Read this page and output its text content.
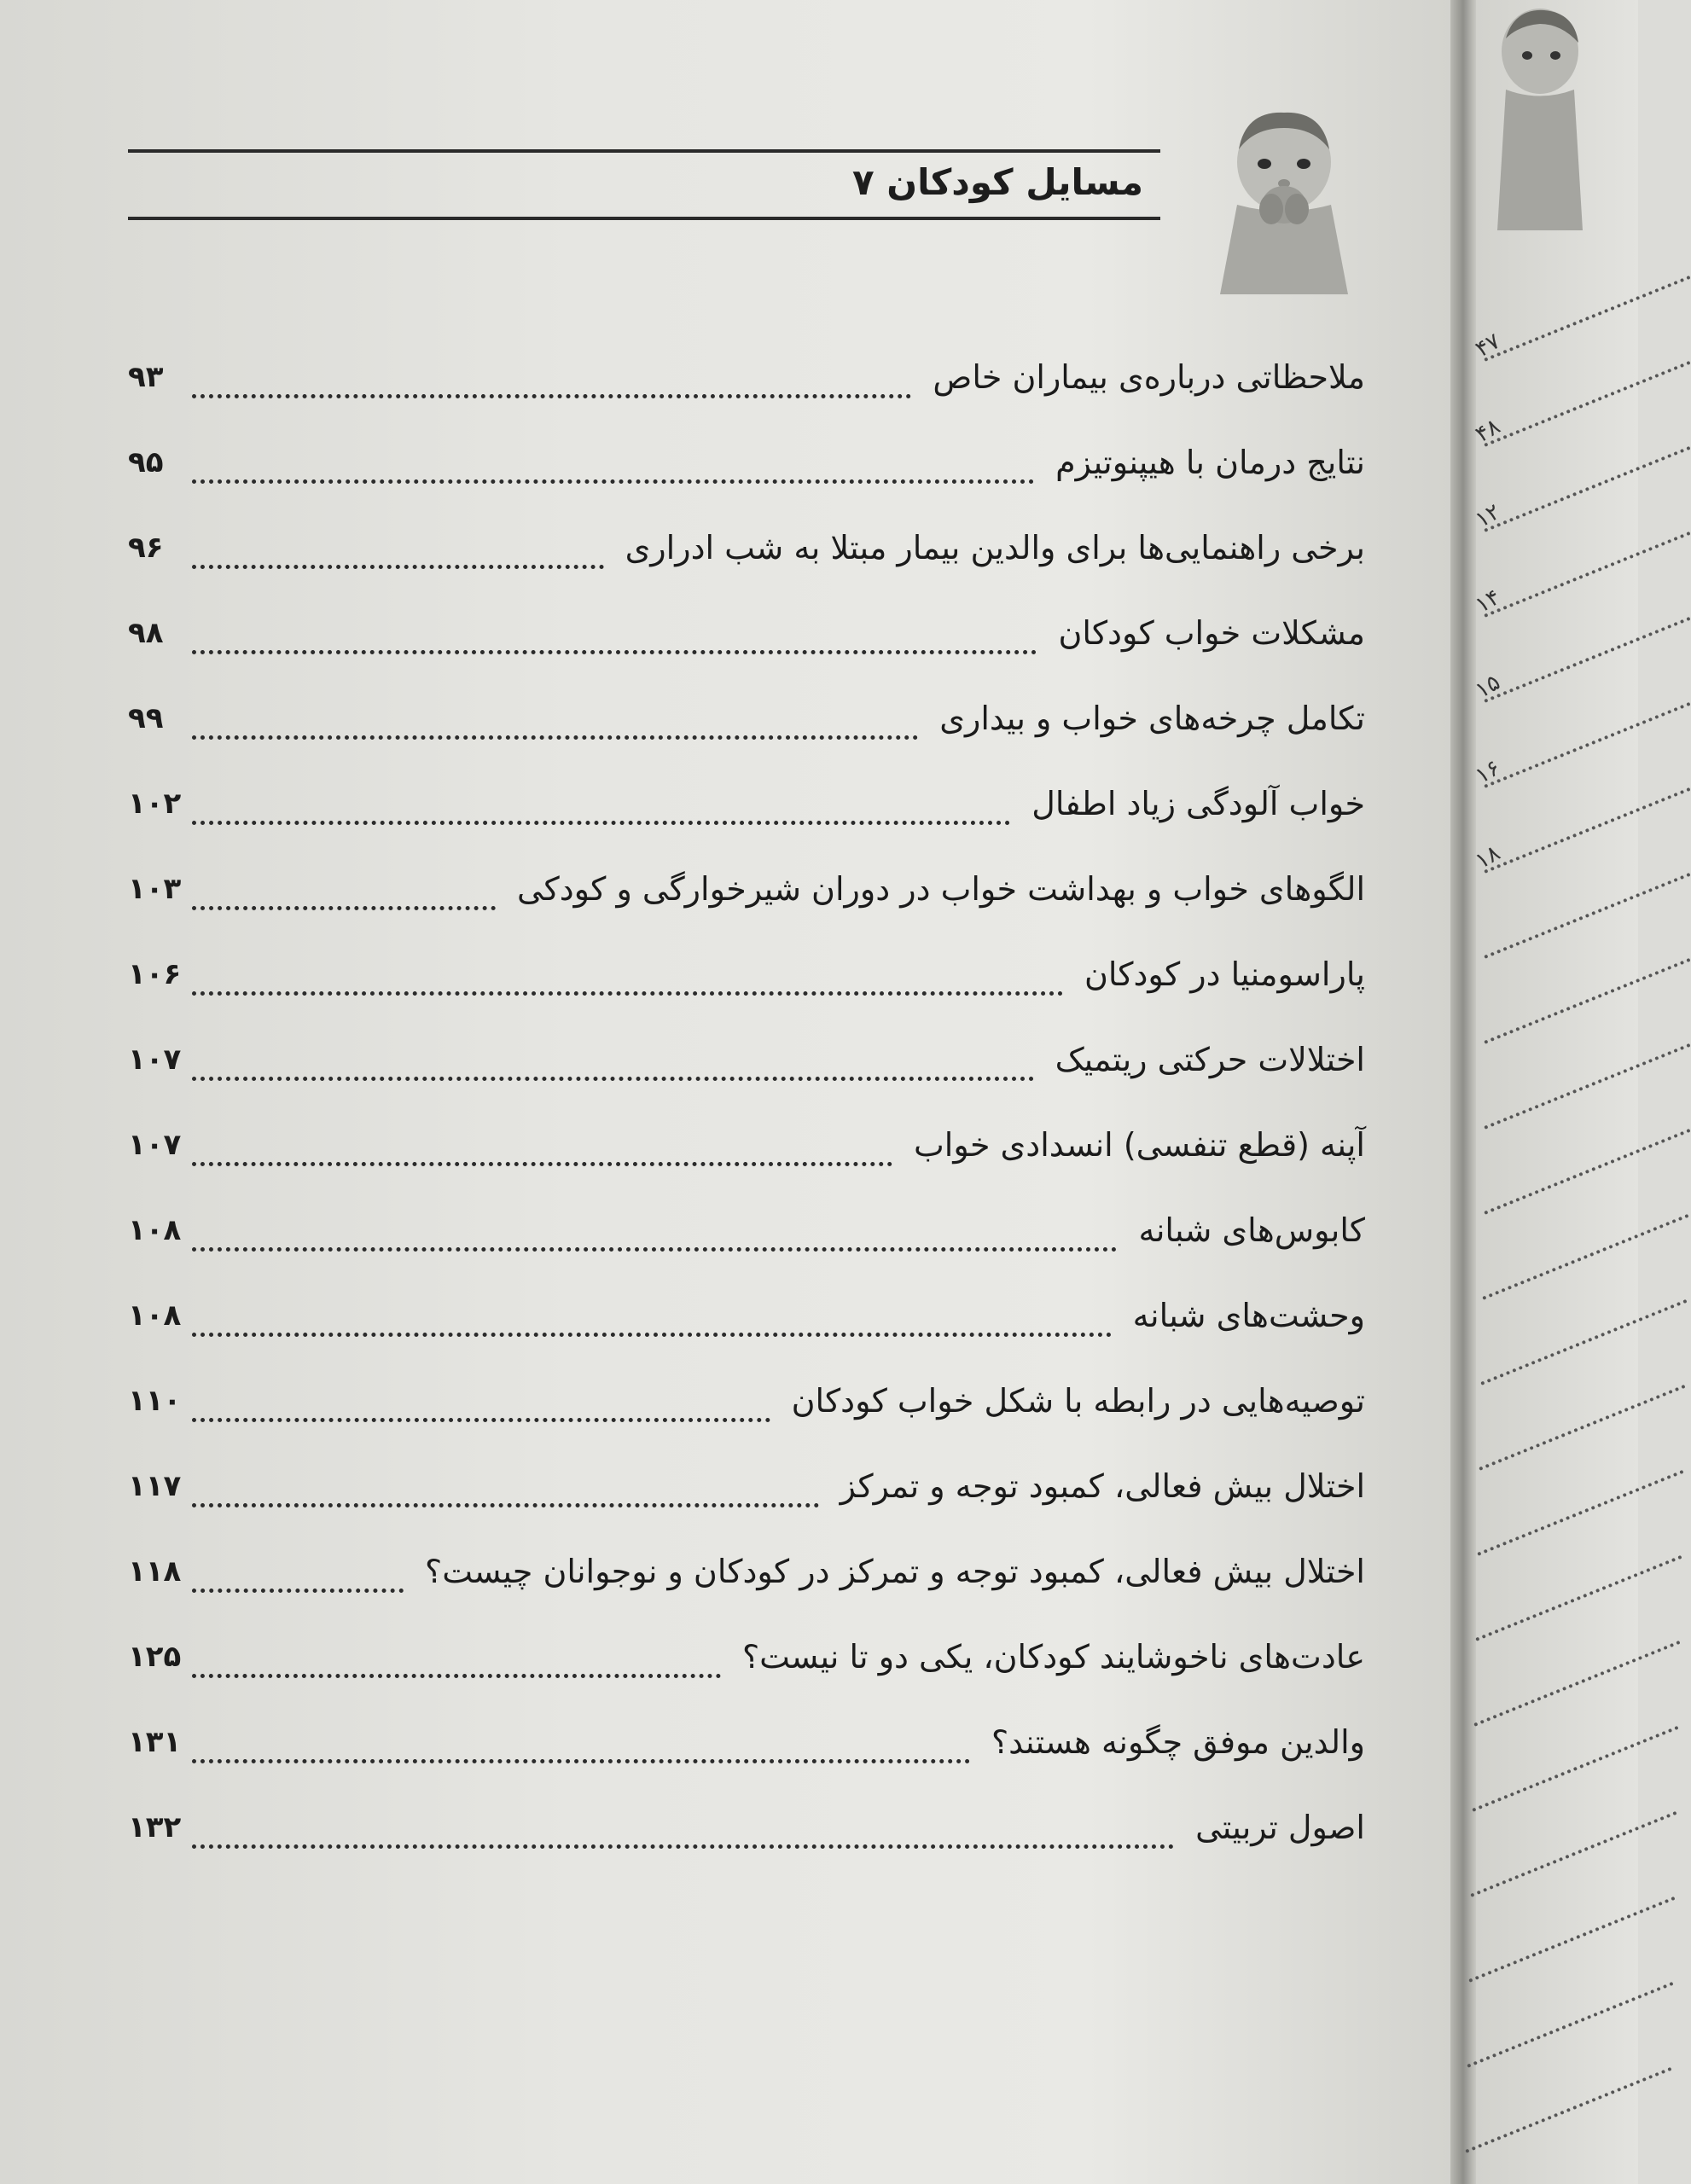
مسایل کودکان ۷
۹۳	ملاحظاتی درباره‌ی بیماران خاص
۹۵	نتایج درمان با هیپنوتیزم
۹۶	برخی راهنمایی‌ها برای والدین بیمار مبتلا به شب ادراری
۹۸	مشکلات خواب کودکان
۹۹	تکامل چرخه‌های خواب و بیداری
۱۰۲	خواب آلودگی زیاد اطفال
۱۰۳	الگوهای خواب و بهداشت خواب در دوران شیرخوارگی و کودکی
۱۰۶	پاراسومنیا در کودکان
۱۰۷	اختلالات حرکتی ریتمیک
۱۰۷	آپنه (قطع تنفسی) انسدادی خواب
۱۰۸	کابوس‌های شبانه
۱۰۸	وحشت‌های شبانه
۱۱۰	توصیه‌هایی در رابطه با شکل خواب کودکان
۱۱۷	اختلال بیش فعالی، کمبود توجه و تمرکز
۱۱۸	اختلال بیش فعالی، کمبود توجه و تمرکز در کودکان و نوجوانان چیست؟
۱۲۵	عادت‌های ناخوشایند کودکان، یکی دو تا نیست؟
۱۳۱	والدین موفق چگونه هستند؟
۱۳۲	اصول تربیتی
۴۷
۴۸
۱۲
۱۴
۱۵
۱۶
۱۸
